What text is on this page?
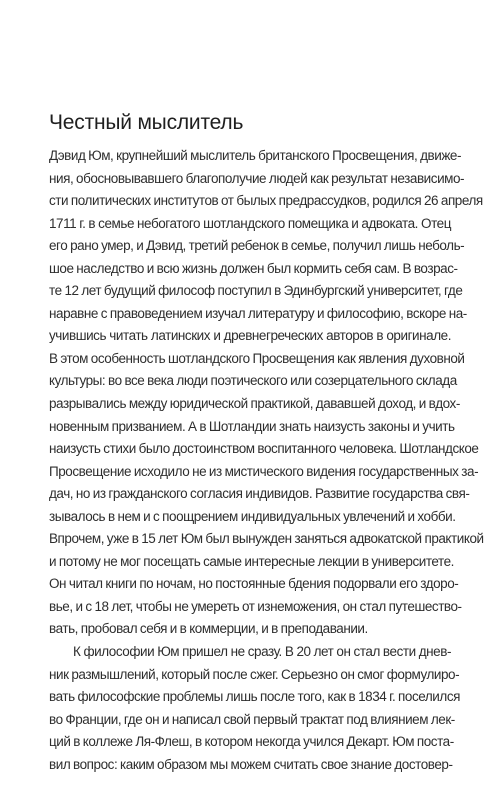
Честный мыслитель
Дэвид Юм, крупнейший мыслитель британского Просвещения, движе-
ния, обосновывавшего благополучие людей как результат независимо-
сти политических институтов от былых предрассудков, родился 26 апреля
1711 г. в семье небогатого шотландского помещика и адвоката. Отец
его рано умер, и Дэвид, третий ребенок в семье, получил лишь неболь-
шое наследство и всю жизнь должен был кормить себя сам. В возрас-
те 12 лет будущий философ поступил в Эдинбургский университет, где
наравне с правоведением изучал литературу и философию, вскоре на-
учившись читать латинских и древнегреческих авторов в оригинале.
В этом особенность шотландского Просвещения как явления духовной
культуры: во все века люди поэтического или созерцательного склада
разрывались между юридической практикой, дававшей доход, и вдох-
новенным призванием. А в Шотландии знать наизусть законы и учить
наизусть стихи было достоинством воспитанного человека. Шотландское
Просвещение исходило не из мистического видения государственных за-
дач, но из гражданского согласия индивидов. Развитие государства свя-
зывалось в нем и с поощрением индивидуальных увлечений и хобби.
Впрочем, уже в 15 лет Юм был вынужден заняться адвокатской практикой
и потому не мог посещать самые интересные лекции в университете.
Он читал книги по ночам, но постоянные бдения подорвали его здоро-
вье, и с 18 лет, чтобы не умереть от изнеможения, он стал путешество-
вать, пробовал себя и в коммерции, и в преподавании.
К философии Юм пришел не сразу. В 20 лет он стал вести днев-
ник размышлений, который после сжег. Серьезно он смог формулиро-
вать философские проблемы лишь после того, как в 1834 г. поселился
во Франции, где он и написал свой первый трактат под влиянием лек-
ций в коллеже Ля-Флеш, в котором некогда учился Декарт. Юм поста-
вил вопрос: каким образом мы можем считать свое знание достовер-
